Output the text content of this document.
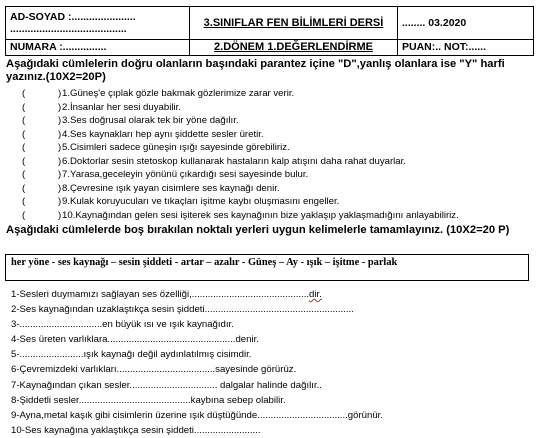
AD-SOYAD :......................
........................................	3.SINIFLAR FEN BİLİMLERİ DERSİ	........ 03.2020
NUMARA :...............	2.DÖNEM 1.DEĞERLENDİRME	PUAN:.. NOT:......
Aşağıdaki cümlelerin doğru olanların başındaki parantez içine "D",yanlış olanlara ise "Y" harfi yazınız.(10X2=20P)
(	) 1.Güneş'e çıplak gözle bakmak gözlerimize zarar verir.
(	) 2.İnsanlar her sesi duyabilir.
(	) 3.Ses doğrusal olarak tek bir yöne dağılır.
(	) 4.Ses kaynakları hep aynı şiddette sesler üretir.
(	) 5.Cisimleri sadece güneşin ışığı sayesinde görebiliriz.
(	) 6.Doktorlar sesin stetoskop kullanarak hastaların kalp atışını daha rahat duyarlar.
(	) 7.Yarasa,geceleyin yönünü çıkardığı sesi sayesinde bulur.
(	) 8.Çevresine ışık yayan cisimlere ses kaynağı denir.
(	) 9.Kulak koruyucuları ve tıkaçları işitme kaybı oluşmasını engeller.
(	) 10.Kaynağından gelen sesi işiterek ses kaynağının bize yaklaşıp yaklaşmadığını anlayabiliriz.
Aşağıdaki cümlelerde boş bırakılan noktalı yerleri uygun kelimelerle tamamlayınız. (10X2=20 P)
her yöne - ses kaynağı – sesin şiddeti - artar – azalır - Güneş – Ay - ışık – işitme - parlak
1-Sesleri duymamızı sağlayan ses özelliği,............................................dir.
2-Ses kaynağından uzaklaştıkça sesin şiddeti........................................................
3-...............................en büyük ısı ve ışık kaynağıdır.
4-Ses üreten varlıklara................................................denir.
5-........................ışık kaynağı değil aydınlatılmış cisimdir.
6-Çevremizdeki varlıkları.....................................sayesinde görürüz.
7-Kaynağından çıkan sesler................................. dalgalar halinde dağılır..
8-Şiddetli sesler..........................................kaybına sebep olabilir.
9-Ayna,metal kaşık gibi cisimlerin üzerine ışık düştüğünde..................................görünür.
10-Ses kaynağına yaklaştıkça sesin şiddeti.........................
